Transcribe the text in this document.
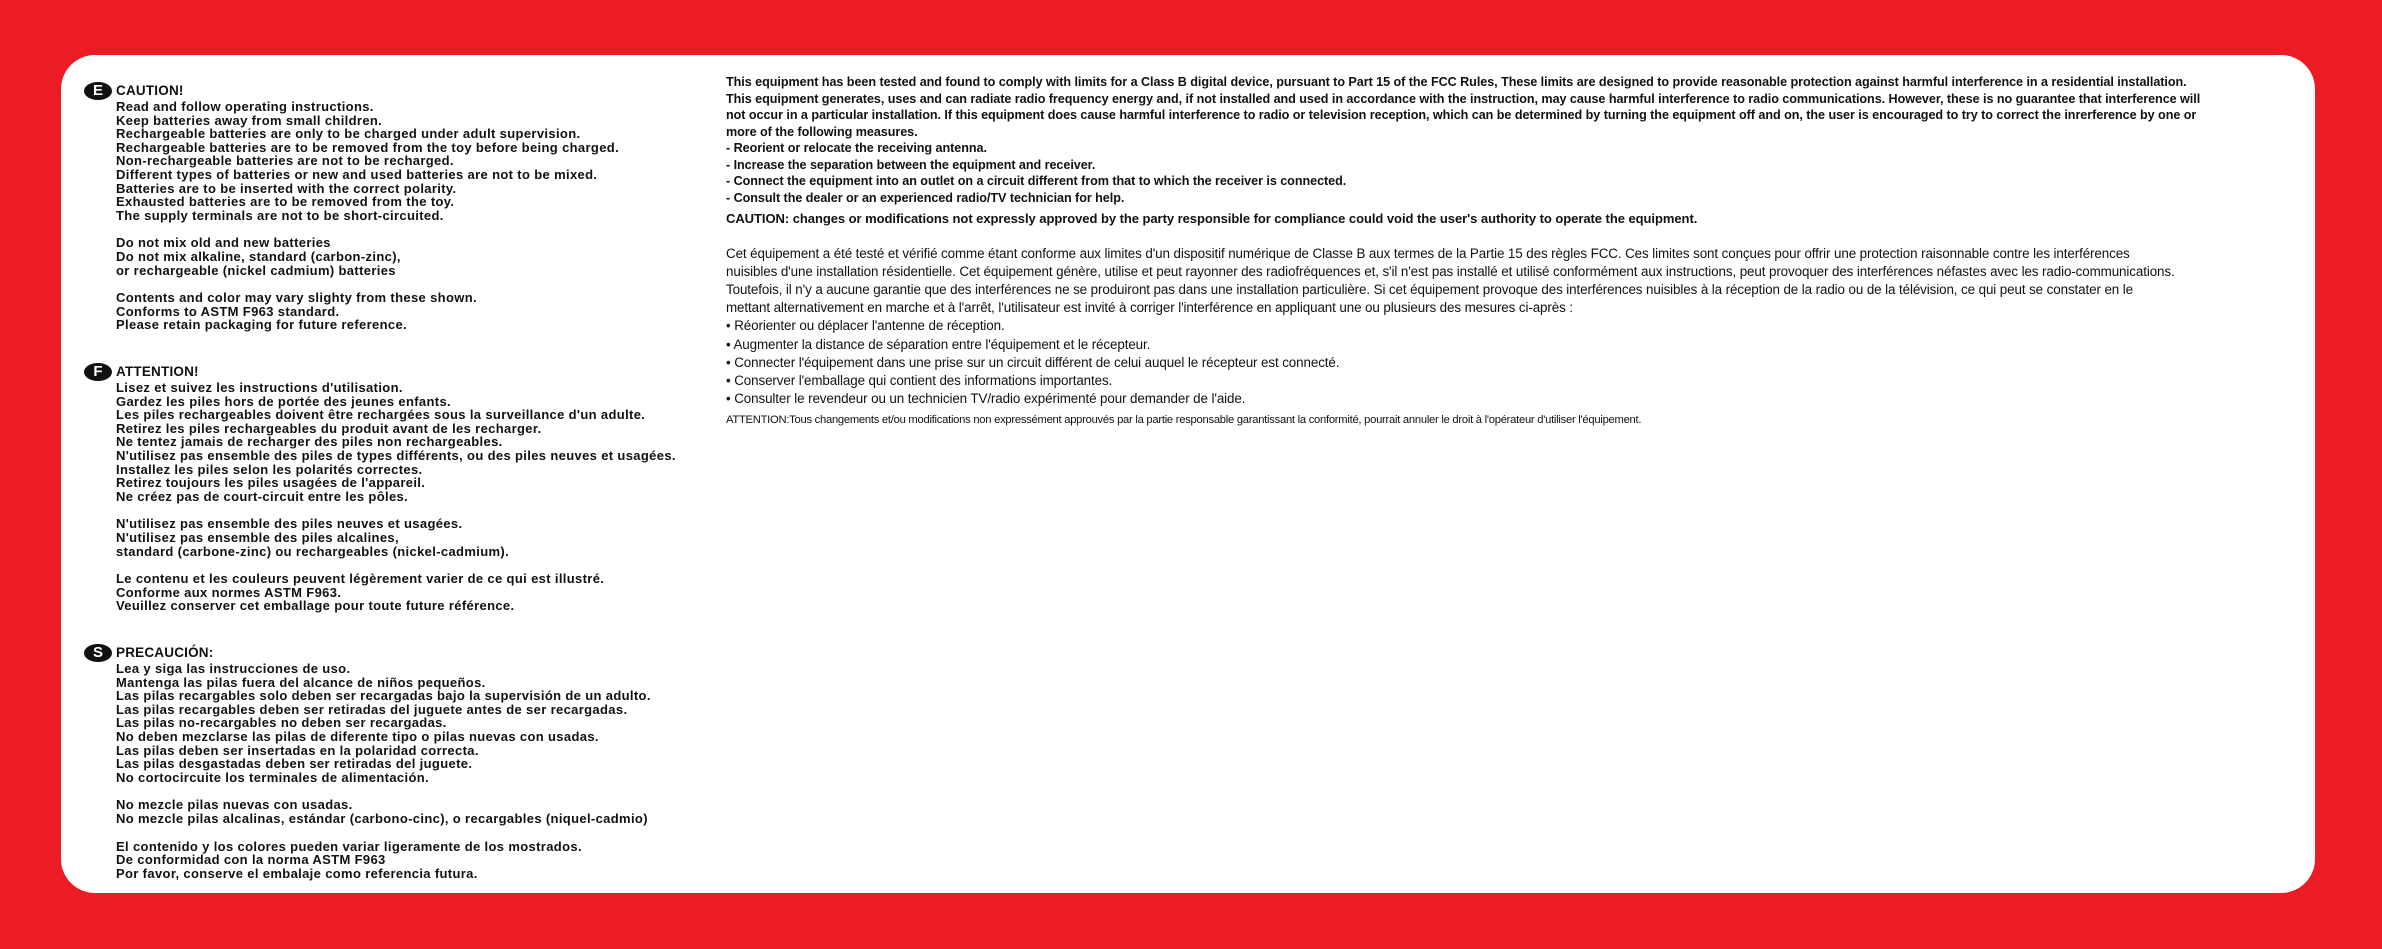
E CAUTION!
Read and follow operating instructions.
Keep batteries away from small children.
Rechargeable batteries are only to be charged under adult supervision.
Rechargeable batteries are to be removed from the toy before being charged.
Non-rechargeable batteries are not to be recharged.
Different types of batteries or new and used batteries are not to be mixed.
Batteries are to be inserted with the correct polarity.
Exhausted batteries are to be removed from the toy.
The supply terminals are not to be short-circuited.
Do not mix old and new batteries
Do not mix alkaline, standard (carbon-zinc),
or rechargeable (nickel cadmium) batteries
Contents and color may vary slighty from these shown.
Conforms to ASTM F963 standard.
Please retain packaging for future reference.
F ATTENTION!
Lisez et suivez les instructions d'utilisation.
Gardez les piles hors de portée des jeunes enfants.
Les piles rechargeables doivent être rechargées sous la surveillance d'un adulte.
Retirez les piles rechargeables du produit avant de les recharger.
Ne tentez jamais de recharger des piles non rechargeables.
N'utilisez pas ensemble des piles de types différents, ou des piles neuves et usagées.
Installez les piles selon les polarités correctes.
Retirez toujours les piles usagées de l'appareil.
Ne créez pas de court-circuit entre les pôles.
N'utilisez pas ensemble des piles neuves et usagées.
N'utilisez pas ensemble des piles alcalines,
standard (carbone-zinc) ou rechargeables (nickel-cadmium).
Le contenu et les couleurs peuvent légèrement varier de ce qui est illustré.
Conforme aux normes ASTM F963.
Veuillez conserver cet emballage pour toute future référence.
S PRECAUCIÓN:
Lea y siga las instrucciones de uso.
Mantenga las pilas fuera del alcance de niños pequeños.
Las pilas recargables solo deben ser recargadas bajo la supervisión de un adulto.
Las pilas recargables deben ser retiradas del juguete antes de ser recargadas.
Las pilas no-recargables no deben ser recargadas.
No deben mezclarse las pilas de diferente tipo o pilas nuevas con usadas.
Las pilas deben ser insertadas en la polaridad correcta.
Las pilas desgastadas deben ser retiradas del juguete.
No cortocircuite los terminales de alimentación.
No mezcle pilas nuevas con usadas.
No mezcle pilas alcalinas, estándar (carbono-cinc), o recargables (niquel-cadmio)
El contenido y los colores pueden variar ligeramente de los mostrados.
De conformidad con la norma ASTM F963
Por favor, conserve el embalaje como referencia futura.
This equipment has been tested and found to comply with limits for a Class B digital device, pursuant to Part 15 of the FCC Rules, These limits are designed to provide reasonable protection against harmful interference in a residential installation.
This equipment generates, uses and can radiate radio frequency energy and, if not installed and used in accordance with the instruction, may cause harmful interference to radio communications. However, these is no guarantee that interference will
not occur in a particular installation. If this equipment does cause harmful interference to radio or television reception, which can be determined by turning the equipment off and on, the user is encouraged to try to correct the inrerference by one or
more of the following measures.
- Reorient or relocate the receiving antenna.
- Increase the separation between the equipment and receiver.
- Connect the equipment into an outlet on a circuit different from that to which the receiver is connected.
- Consult the dealer or an experienced radio/TV technician for help.
CAUTION: changes or modifications not expressly approved by the party responsible for compliance could void the user's authority to operate the equipment.
Cet équipement a été testé et vérifié comme étant conforme aux limites d'un dispositif numérique de Classe B aux termes de la Partie 15 des règles FCC. Ces limites sont conçues pour offrir une protection raisonnable contre les interférences
nuisibles d'une installation résidentielle. Cet équipement génère, utilise et peut rayonner des radiofréquences et, s'il n'est pas installé et utilisé conformément aux instructions, peut provoquer des interférences néfastes avec les radio-communications.
Toutefois, il n'y a aucune garantie que des interférences ne se produiront pas dans une installation particulière. Si cet équipement provoque des interférences nuisibles à la réception de la radio ou de la télévision, ce qui peut se constater en le
mettant alternativement en marche et à l'arrêt, l'utilisateur est invité à corriger l'interférence en appliquant une ou plusieurs des mesures ci-après :
• Réorienter ou déplacer l'antenne de réception.
• Augmenter la distance de séparation entre l'équipement et le récepteur.
• Connecter l'équipement dans une prise sur un circuit différent de celui auquel le récepteur est connecté.
• Conserver l'emballage qui contient des informations importantes.
• Consulter le revendeur ou un technicien TV/radio expérimenté pour demander de l'aide.
ATTENTION:Tous changements et/ou modifications non expressément approuvés par la partie responsable garantissant la conformité, pourrait annuler le droit à l'opérateur d'utiliser l'équipement.
